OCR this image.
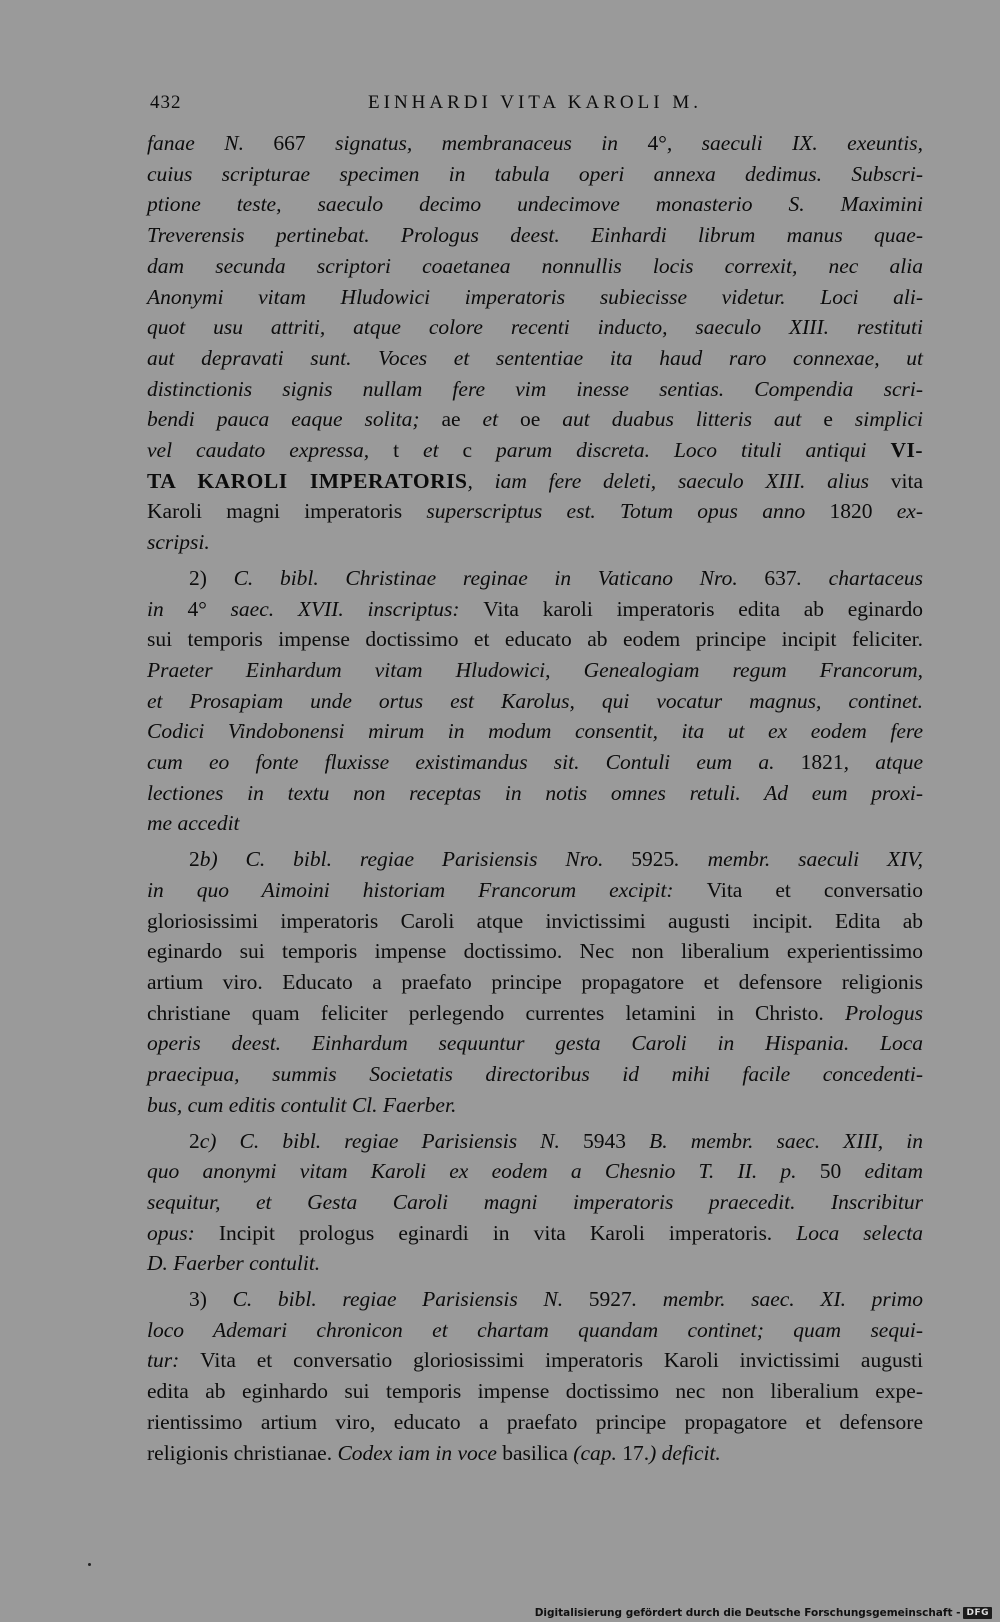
432	EINHARDI VITA KAROLI M.
fanae N. 667 signatus, membranaceus in 4°, saeculi IX. exeuntis,
cuius scripturae specimen in tabula operi annexa dedimus. Subscri-
ptione teste, saeculo decimo undecimove monasterio S. Maximini
Treverensis pertinebat. Prologus deest. Einhardi librum manus quae-
dam secunda scriptori coaetanea nonnullis locis correxit, nec alia
Anonymi vitam Hludowici imperatoris subiecisse videtur. Loci ali-
quot usu attriti, atque colore recenti inducto, saeculo XIII. restituti
aut depravati sunt. Voces et sententiae ita haud raro connexae, ut
distinctionis signis nullam fere vim inesse sentias. Compendia scri-
bendi pauca eaque solita; ae et oe aut duabus litteris aut e simplici
vel caudato expressa, t et c parum discreta. Loco tituli antiqui VI-
TA KAROLI IMPERATORIS, iam fere deleti, saeculo XIII. alius vita
Karoli magni imperatoris superscriptus est. Totum opus anno 1820 ex-
scripsi.
2) C. bibl. Christinae reginae in Vaticano Nro. 637. chartaceus
in 4° saec. XVII. inscriptus: Vita karoli imperatoris edita ab eginardo
sui temporis impense doctissimo et educato ab eodem principe incipit feliciter.
Praeter Einhardum vitam Hludowici, Genealogiam regum Francorum,
et Prosapiam unde ortus est Karolus, qui vocatur magnus, continet.
Codici Vindobonensi mirum in modum consentit, ita ut ex eodem fere
cum eo fonte fluxisse existimandus sit. Contuli eum a. 1821, atque
lectiones in textu non receptas in notis omnes retuli. Ad eum proxi-
me accedit
2b) C. bibl. regiae Parisiensis Nro. 5925. membr. saeculi XIV,
in quo Aimoini historiam Francorum excipit: Vita et conversatio
gloriosissimi imperatoris Caroli atque invictissimi augusti incipit. Edita ab
eginardo sui temporis impense doctissimo. Nec non liberalium experientissimo
artium viro. Educato a praefato principe propagatore et defensore religionis
christiane quam feliciter perlegendo currentes letamini in Christo. Prologus
operis deest. Einhardum sequuntur gesta Caroli in Hispania. Loca
praecipua, summis Societatis directoribus id mihi facile concedenti-
bus, cum editis contulit Cl. Faerber.
2c) C. bibl. regiae Parisiensis N. 5943 B. membr. saec. XIII, in
quo anonymi vitam Karoli ex eodem a Chesnio T. II. p. 50 editam
sequitur, et Gesta Caroli magni imperatoris praecedit. Inscribitur
opus: Incipit prologus eginardi in vita Karoli imperatoris. Loca selecta
D. Faerber contulit.
3) C. bibl. regiae Parisiensis N. 5927. membr. saec. XI. primo
loco Ademari chronicon et chartam quandam continet; quam sequi-
tur: Vita et conversatio gloriosissimi imperatoris Karoli invictissimi augusti
edita ab eginhardo sui temporis impense doctissimo nec non liberalium expe-
rientissimo artium viro, educato a praefato principe propagatore et defensore
religionis christianae. Codex iam in voce basilica (cap. 17.) deficit.
Digitalisierung gefördert durch die Deutsche Forschungsgemeinschaft - DFG
